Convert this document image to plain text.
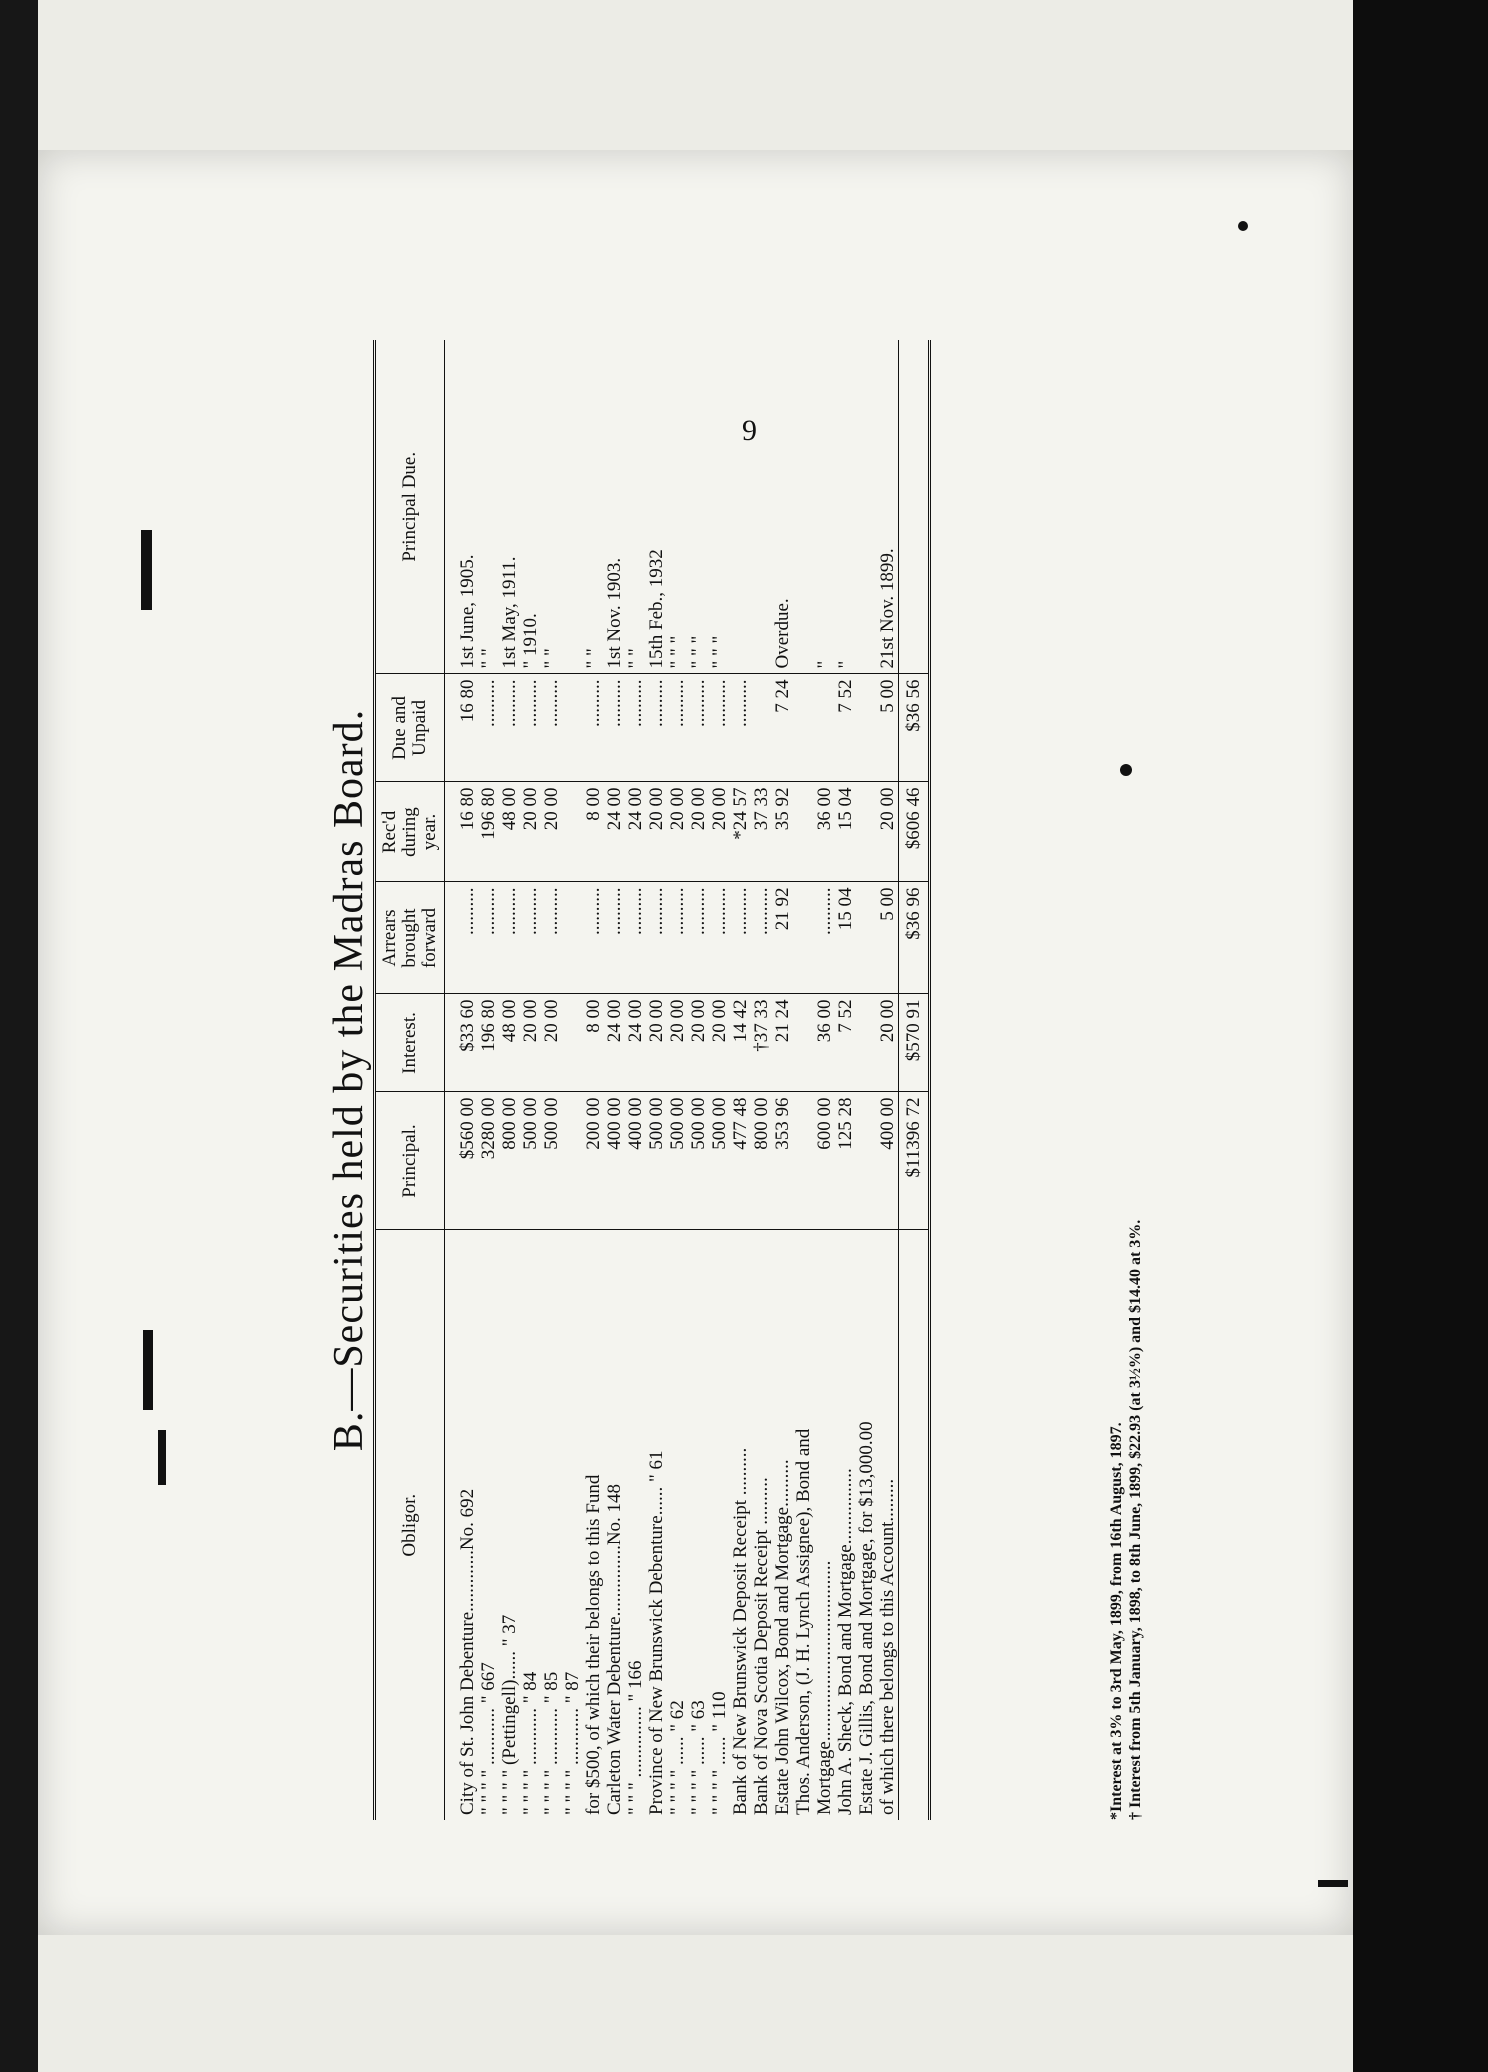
9
B.—Securities held by the Madras Board.
Obligor.	Principal.	Interest.	Arrears brought forward	Rec'd during year.	Due and Unpaid	Principal Due.

City of St. John Debenture.............No. 692	$560 00	$33 60	..........	16 80	16 80	1st June, 1905.
" " " " ............ " 667	3280 00	196 80	..........	196 80	..........	" "
" " " " (Pettingell)...... " 37	800 00	48 00	..........	48 00	..........	1st May, 1911.
" " " " ............ " 84	500 00	20 00	..........	20 00	..........	" 1910.
" " " " ............ " 85	500 00	20 00	..........	20 00	..........	" "
" " " " ............ " 87						
for $500, of which their belongs to this Fund	200 00	8 00	..........	8 00	..........	" "
Carleton Water Debenture...............No. 148	400 00	24 00	..........	24 00	..........	1st Nov. 1903.
" " " ............... " 166	400 00	24 00	..........	24 00	..........	" "
Province of New Brunswick Debenture...... " 61	500 00	20 00	..........	20 00	..........	15th Feb., 1932
" " " " ...... " 62	500 00	20 00	..........	20 00	..........	" " "
" " " " ...... " 63	500 00	20 00	..........	20 00	..........	" " "
" " " " ...... " 110	500 00	20 00	..........	20 00	..........	" " "
Bank of New Brunswick Deposit Receipt ..........	477 48	14 42	..........	*24 57	..........	
Bank of Nova Scotia Deposit Receipt ..........	800 00	†37 33	..........	37 33		
Estate John Wilcox, Bond and Mortgage..........	353 96	21 24	21 92	35 92	7 24	Overdue.
Thos. Anderson, (J. H. Lynch Assignee), Bond and						
Mortgage......................................	600 00	36 00	..........	36 00		"
John A. Sheck, Bond and Mortgage................	125 28	7 52	15 04	15 04	7 52	"
Estate J. Gillis, Bond and Mortgage, for $13,000.00						
of which there belongs to this Account.........	400 00	20 00	5 00	20 00	5 00	21st Nov. 1899.
	$11396 72	$570 91	$36 96	$606 46	$36 56	
*Interest at 3% to 3rd May, 1899, from 16th August, 1897. † Interest from 5th January, 1898, to 8th June, 1899, $22.93 (at 3½%) and $14.40 at 3%.
